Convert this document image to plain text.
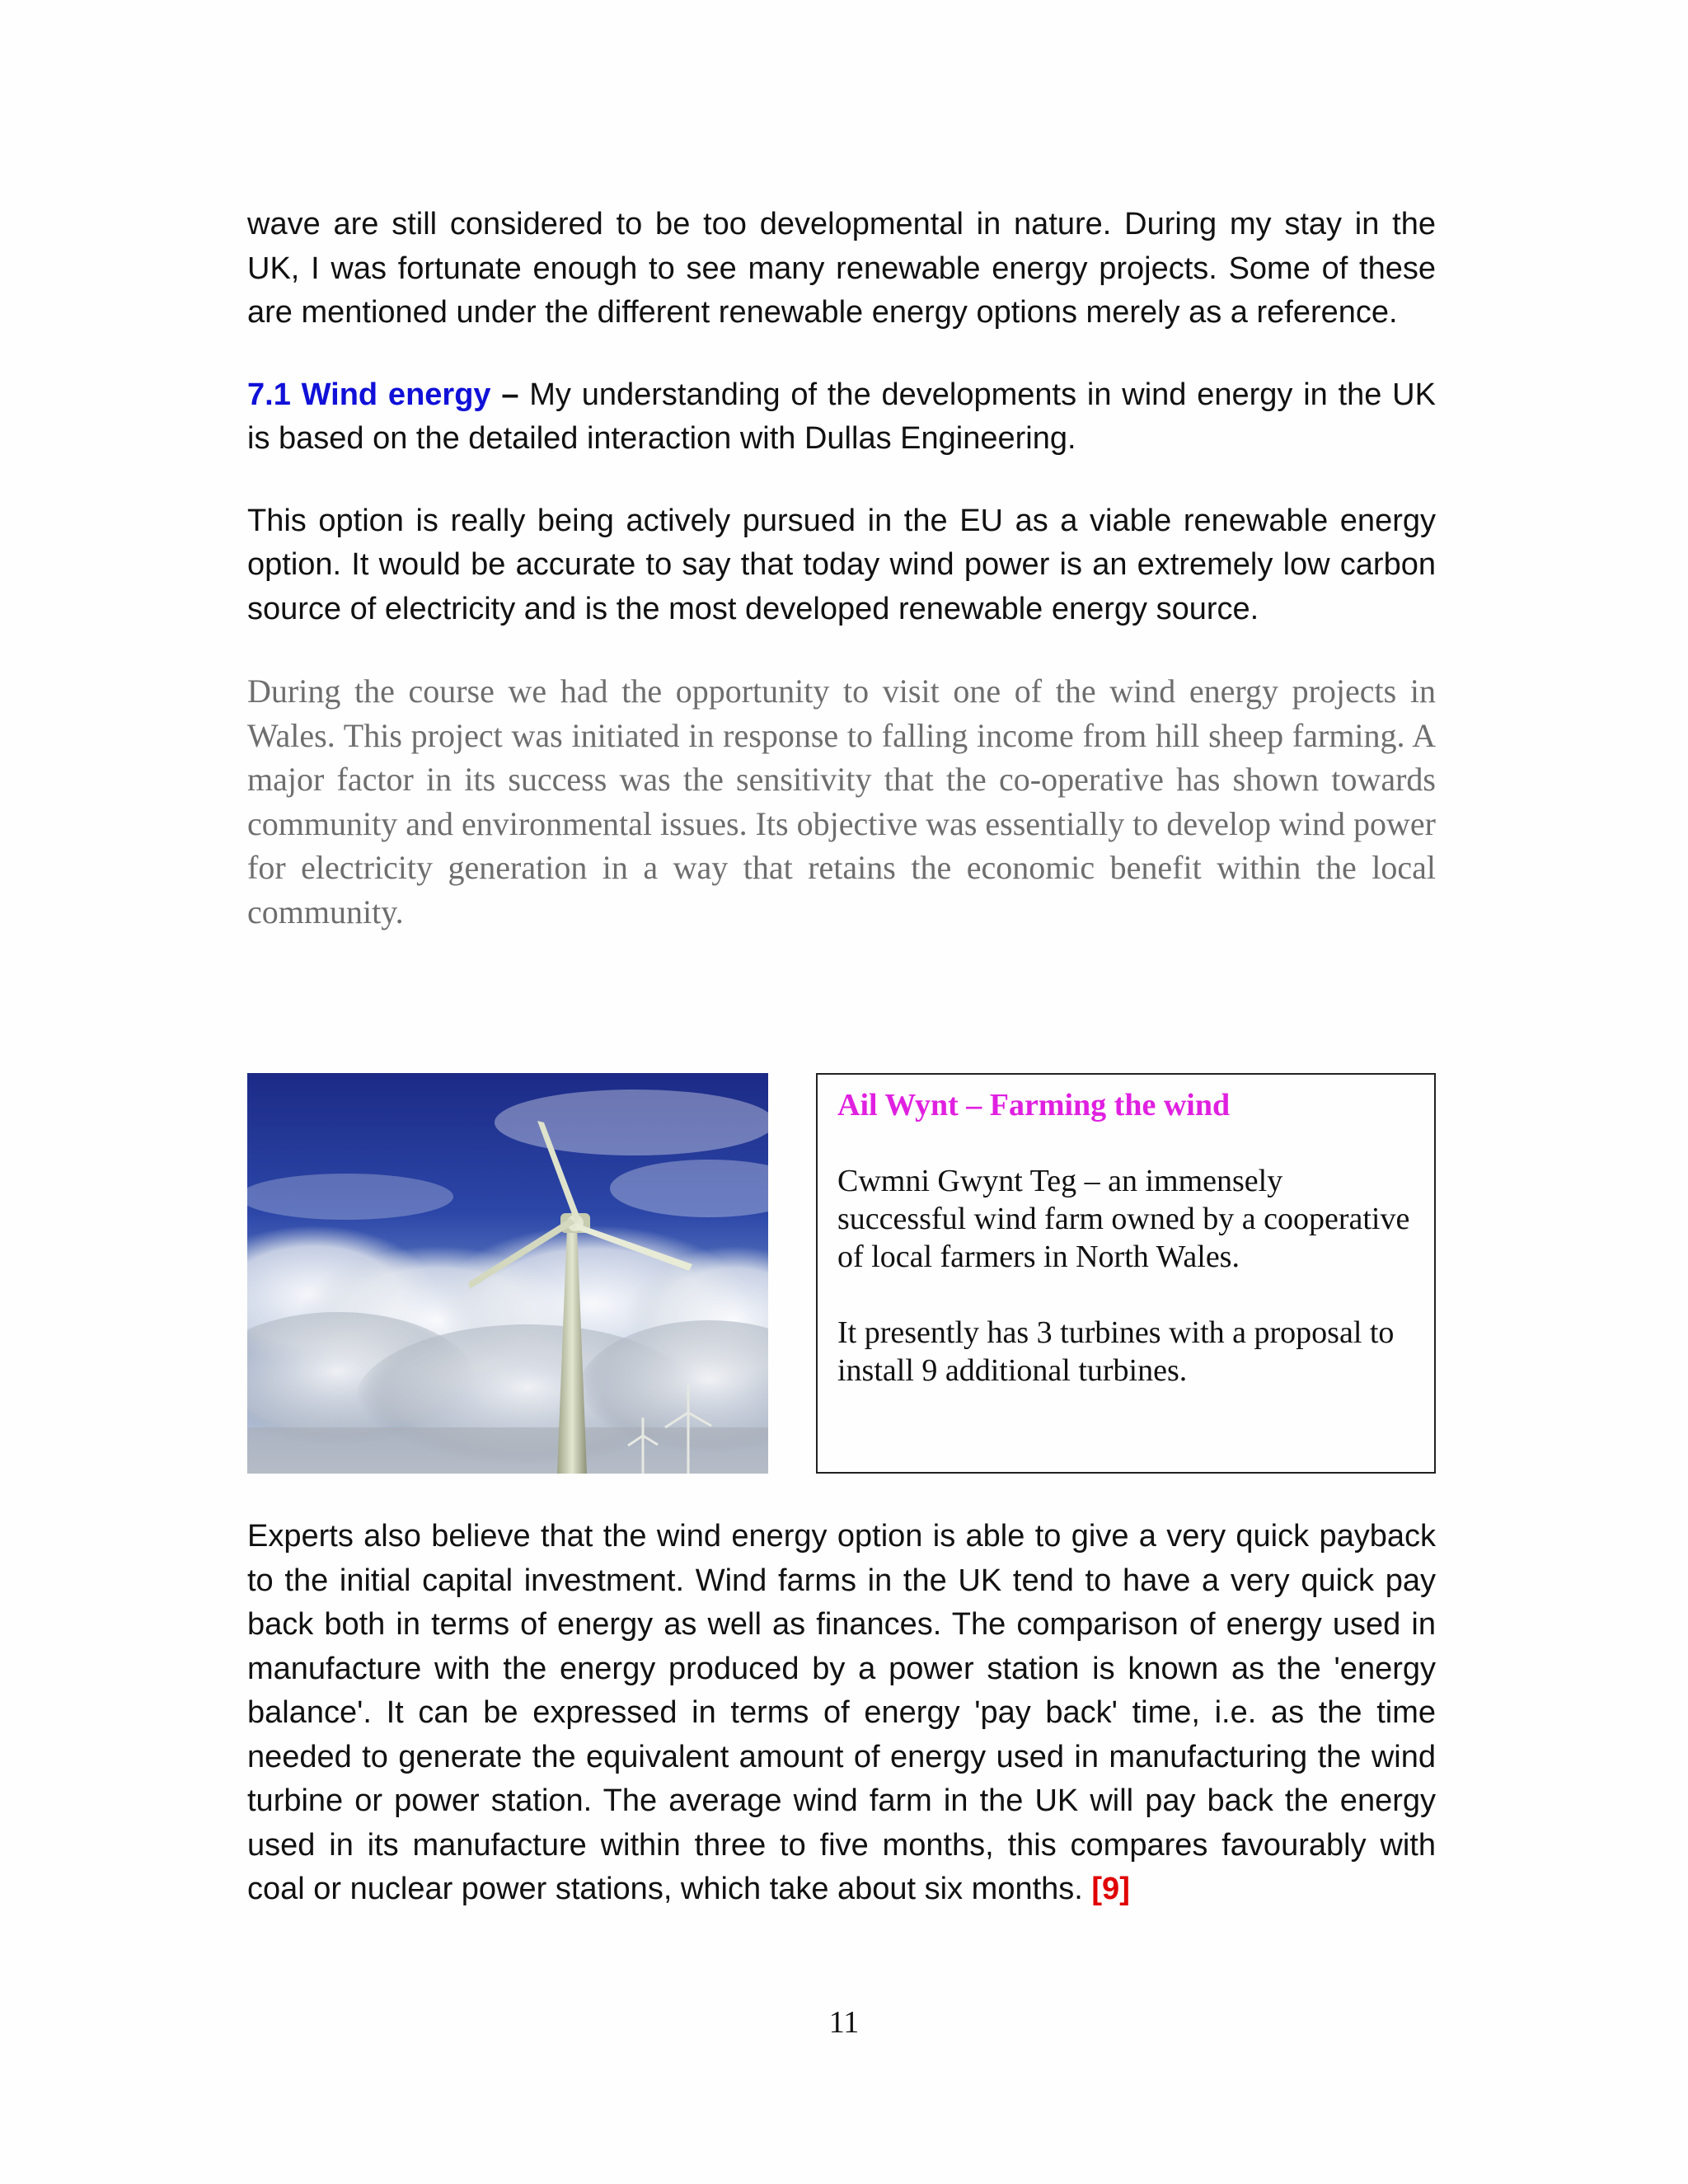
wave are still considered to be too developmental in nature. During my stay in the UK, I was fortunate enough to see many renewable energy projects. Some of these are mentioned under the different renewable energy options merely as a reference.

7.1 Wind energy – My understanding of the developments in wind energy in the UK is based on the detailed interaction with Dullas Engineering.

This option is really being actively pursued in the EU as a viable renewable energy option. It would be accurate to say that today wind power is an extremely low carbon source of electricity and is the most developed renewable energy source.

During the course we had the opportunity to visit one of the wind energy projects in Wales. This project was initiated in response to falling income from hill sheep farming. A major factor in its success was the sensitivity that the co-operative has shown towards community and environmental issues. Its objective was essentially to develop wind power for electricity generation in a way that retains the economic benefit within the local community.

Ail Wynt – Farming the wind

Cwmni Gwynt Teg – an immensely successful wind farm owned by a cooperative of local farmers in North Wales.

It presently has 3 turbines with a proposal to install 9 additional turbines.

Experts also believe that the wind energy option is able to give a very quick payback to the initial capital investment. Wind farms in the UK tend to have a very quick pay back both in terms of energy as well as finances. The comparison of energy used in manufacture with the energy produced by a power station is known as the 'energy balance'. It can be expressed in terms of energy 'pay back' time, i.e. as the time needed to generate the equivalent amount of energy used in manufacturing the wind turbine or power station. The average wind farm in the UK will pay back the energy used in its manufacture within three to five months, this compares favourably with coal or nuclear power stations, which take about six months. [9]

11
